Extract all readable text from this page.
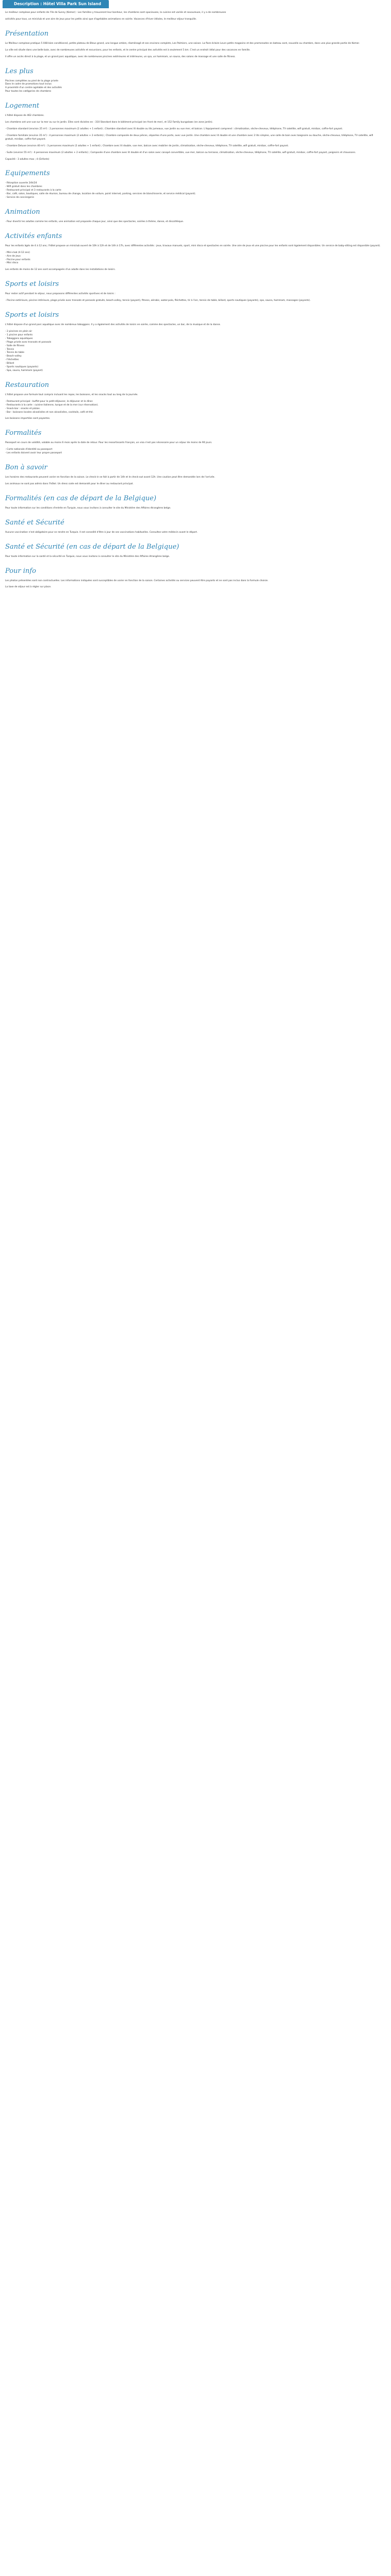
Description : Hôtel Villa Park Sun Island

Le meilleur complexe pour enfants de l'île de Sunny (Kemer) : Les familles y trouveront leur bonheur, les chambres sont spacieuses, la cuisine est variée et savoureuse, il y a de nombreuses

activités pour tous, un miniclub et une aire de jeux pour les petits ainsi que d'agréables animations en soirée. Vacances d'hiver idéales, le meilleur séjour tranquille.

Présentation

Le Meilleur complexe pratique 5 048 bien conditionné, petite plateau de Bleus grand, une longue ombre, réaménagé et ses environs complets, Les Palmiers, une saison. La flore éclaire Leurs petits magasins et des promenades en bateau sont, nouvelle ou chambre, dans une plus grande partie de Kemer.

La ville est située dans une belle baie, avec de nombreuses activités et excursions, pour les enfants, et le centre principal des activités est à seulement 5 km. C'est un endroit idéal pour des vacances en famille.

Il offre un accès direct à la plage, et un grand parc aquatique, avec de nombreuses piscines extérieures et intérieures, un spa, un hammam, un sauna, des salons de massage et une salle de fitness.

Les plus
Piscines complètes au pied de la plage privée
Dans le cadre de promotions tout inclus
A proximité d'un centre agréable et des activités
Pour toutes les catégories de chambres
Logement

L'hôtel dispose de 462 chambres.

Les chambres ont une vue sur la mer ou sur le jardin. Elles sont divisées en : 310 Standard dans le bâtiment principal (en front de mer), et 152 Family bungalows (en zone jardin).

- Chambre standard (environ 25 m²) : 2 personnes maximum (2 adultes + 1 enfant) ; Chambre standard avec lit double ou lits jumeaux, vue jardin ou vue mer, et balcon. L'équipement comprend : climatisation, sèche-cheveux, téléphone, TV satellite, wifi gratuit, minibar, coffre-fort payant.

- Chambre familiale (environ 35 m²) : 4 personnes maximum (2 adultes + 2 enfants) ; Chambre composée de deux pièces, séparées d'une porte, avec vue jardin. Une chambre avec lit double et une chambre avec 2 lits simples, une salle de bain avec baignoire ou douche, sèche-cheveux, téléphone, TV satellite, wifi gratuit, minibar, coffre-fort payant.

- Chambre Deluxe (environ 40 m²) : 3 personnes maximum (2 adultes + 1 enfant) ; Chambre avec lit double, vue mer, balcon avec mobilier de jardin, climatisation, sèche-cheveux, téléphone, TV satellite, wifi gratuit, minibar, coffre-fort payant.

- Suite (environ 55 m²) : 4 personnes maximum (2 adultes + 2 enfants) ; Composée d'une chambre avec lit double et d'un salon avec canapé convertible, vue mer, balcon ou terrasse, climatisation, sèche-cheveux, téléphone, TV satellite, wifi gratuit, minibar, coffre-fort payant, peignoirs et chaussons.

Capacité : 3 adultes max ; 4 (Enfants)

Equipements
- Réception ouverte 24h/24
- Wifi gratuit dans les chambres
- Restaurant principal et 3 restaurants à la carte
- Bar, café, salon, boutiques, salle de réunion, bureau de change, location de voiture, point internet, parking, services de blanchisserie, et service médical (payant).
- Service de conciergerie
Animation
- Pour divertir les adultes comme les enfants, une animation est proposée chaque jour, ainsi que des spectacles, soirées à thème, danse, et discothèque.
Activités enfants

Pour les enfants âgés de 4 à 12 ans, l'hôtel propose un miniclub ouvert de 10h à 12h et de 14h à 17h, avec différentes activités : jeux, travaux manuels, sport, mini disco et spectacles en soirée. Une aire de jeux et une piscine pour les enfants sont également disponibles. Un service de baby-sitting est disponible (payant).

- Mini-club (4-12 ans)
- Aire de jeux
- Piscine pour enfants
- Mini disco

Les enfants de moins de 12 ans sont accompagnés d'un adulte dans les installations de loisirs.

Sports et loisirs

Pour rester actif pendant le séjour, nous proposons différentes activités sportives et de loisirs :

- Piscine extérieure, piscine intérieure, plage privée avec transats et parasols gratuits, beach-volley, tennis (payant), fitness, aérobic, water-polo, fléchettes, tir à l'arc, tennis de table, billard, sports nautiques (payants), spa, sauna, hammam, massages (payants).

Sports et loisirs

L'hôtel dispose d'un grand parc aquatique avec de nombreux toboggans. Il y a également des activités de loisirs en soirée, comme des spectacles, un bar, de la musique et de la danse.

- 2 piscines en plein air
- 1 piscine pour enfants
- Toboggans aquatiques
- Plage privée avec transats et parasols
- Salle de fitness
- Tennis
- Tennis de table
- Beach-volley
- Fléchettes
- Billard
- Sports nautiques (payants)
- Spa, sauna, hammam (payant)

Restauration

L'hôtel propose une formule tout compris incluant les repas, les boissons, et les snacks tout au long de la journée.

- Restaurant principal : buffet pour le petit-déjeuner, le déjeuner et le dîner.
- Restaurants à la carte : cuisine italienne, turque et de la mer (sur réservation).
- Snack-bar : snacks et pizzas.
- Bar : boissons locales alcoolisées et non alcoolisées, cocktails, café et thé.

Les boissons importées sont payantes.

Formalités

Passeport en cours de validité, valable au moins 6 mois après la date de retour. Pour les ressortissants français, un visa n'est pas nécessaire pour un séjour de moins de 90 jours.

- Carte nationale d'identité ou passeport
- Les enfants doivent avoir leur propre passeport

Bon à savoir

Les horaires des restaurants peuvent varier en fonction de la saison. Le check-in se fait à partir de 14h et le check-out avant 12h. Une caution peut être demandée lors de l'arrivée.

Les animaux ne sont pas admis dans l'hôtel. Un dress code est demandé pour le dîner au restaurant principal.

Formalités (en cas de départ de la Belgique)

Pour toute information sur les conditions d'entrée en Turquie, nous vous invitons à consulter le site du Ministère des Affaires étrangères belge.

Santé et Sécurité

Aucune vaccination n'est obligatoire pour se rendre en Turquie. Il est conseillé d'être à jour de ses vaccinations habituelles. Consultez votre médecin avant le départ.

Santé et Sécurité (en cas de départ de la Belgique)

Pour toute information sur la santé et la sécurité en Turquie, nous vous invitons à consulter le site du Ministère des Affaires étrangères belge.

Pour info

Les photos présentées sont non contractuelles. Les informations indiquées sont susceptibles de varier en fonction de la saison. Certaines activités ou services peuvent être payants et ne sont pas inclus dans la formule choisie.

La taxe de séjour est à régler sur place.
